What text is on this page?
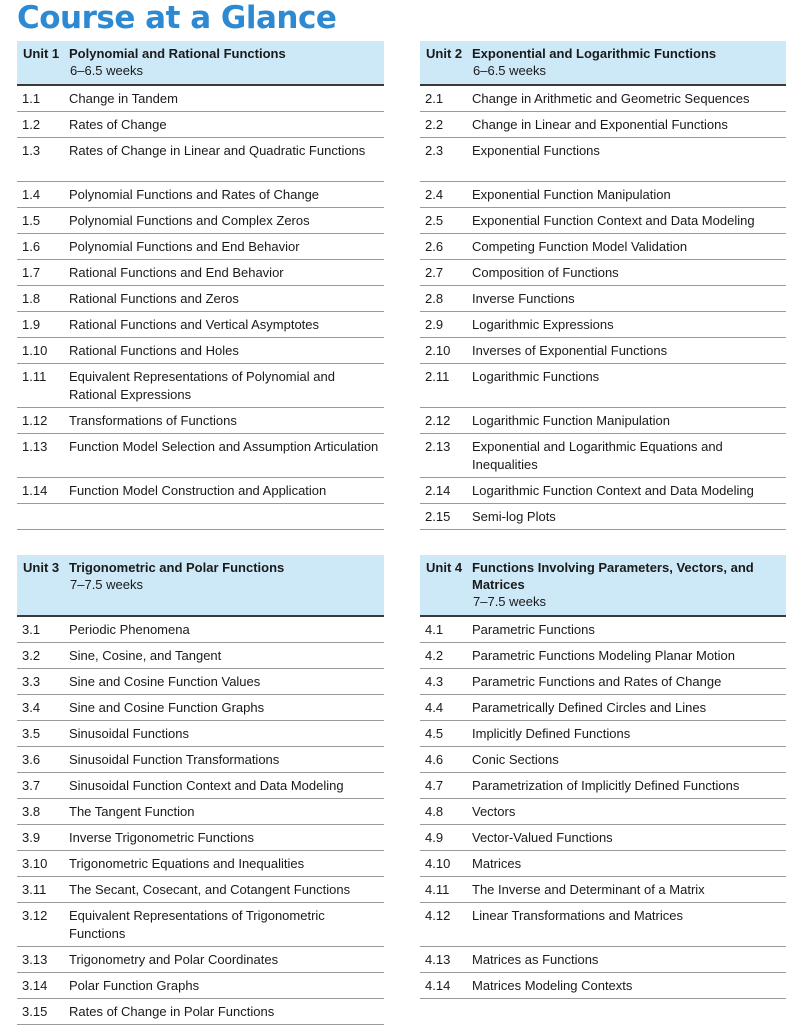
Course at a Glance
Unit 1 Polynomial and Rational Functions
6–6.5 weeks
1.1 Change in Tandem
1.2 Rates of Change
1.3 Rates of Change in Linear and Quadratic Functions
1.4 Polynomial Functions and Rates of Change
1.5 Polynomial Functions and Complex Zeros
1.6 Polynomial Functions and End Behavior
1.7 Rational Functions and End Behavior
1.8 Rational Functions and Zeros
1.9 Rational Functions and Vertical Asymptotes
1.10 Rational Functions and Holes
1.11 Equivalent Representations of Polynomial and Rational Expressions
1.12 Transformations of Functions
1.13 Function Model Selection and Assumption Articulation
1.14 Function Model Construction and Application
Unit 2 Exponential and Logarithmic Functions
6–6.5 weeks
2.1 Change in Arithmetic and Geometric Sequences
2.2 Change in Linear and Exponential Functions
2.3 Exponential Functions
2.4 Exponential Function Manipulation
2.5 Exponential Function Context and Data Modeling
2.6 Competing Function Model Validation
2.7 Composition of Functions
2.8 Inverse Functions
2.9 Logarithmic Expressions
2.10 Inverses of Exponential Functions
2.11 Logarithmic Functions
2.12 Logarithmic Function Manipulation
2.13 Exponential and Logarithmic Equations and Inequalities
2.14 Logarithmic Function Context and Data Modeling
2.15 Semi-log Plots
Unit 3 Trigonometric and Polar Functions
7–7.5 weeks
3.1 Periodic Phenomena
3.2 Sine, Cosine, and Tangent
3.3 Sine and Cosine Function Values
3.4 Sine and Cosine Function Graphs
3.5 Sinusoidal Functions
3.6 Sinusoidal Function Transformations
3.7 Sinusoidal Function Context and Data Modeling
3.8 The Tangent Function
3.9 Inverse Trigonometric Functions
3.10 Trigonometric Equations and Inequalities
3.11 The Secant, Cosecant, and Cotangent Functions
3.12 Equivalent Representations of Trigonometric Functions
3.13 Trigonometry and Polar Coordinates
3.14 Polar Function Graphs
3.15 Rates of Change in Polar Functions
Unit 4 Functions Involving Parameters, Vectors, and Matrices
7–7.5 weeks
4.1 Parametric Functions
4.2 Parametric Functions Modeling Planar Motion
4.3 Parametric Functions and Rates of Change
4.4 Parametrically Defined Circles and Lines
4.5 Implicitly Defined Functions
4.6 Conic Sections
4.7 Parametrization of Implicitly Defined Functions
4.8 Vectors
4.9 Vector-Valued Functions
4.10 Matrices
4.11 The Inverse and Determinant of a Matrix
4.12 Linear Transformations and Matrices
4.13 Matrices as Functions
4.14 Matrices Modeling Contexts
